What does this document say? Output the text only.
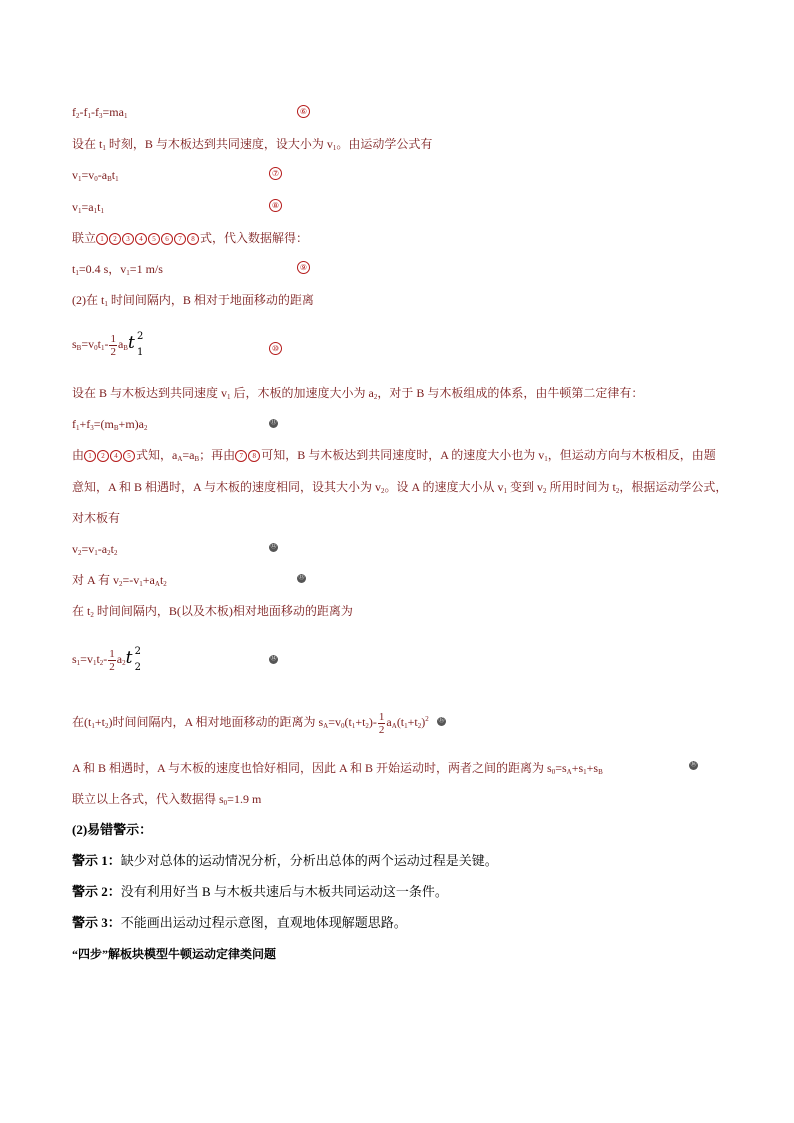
$f_2-f_1-f_3=ma_1$	⑥
设在 $t_1$ 时刻，B 与木板达到共同速度，设大小为 $v_1$。由运动学公式有
$v_1=v_0-a_Bt_1$
⑦
$v_1=a_1t_1$
⑧
联立 1 2 3 4 5 6 7 8 式，代入数据解得：
$t_1=0.4$ s，$v_1=1$ m/s	⑨
(2)在 $t_1$ 时间间隔内，B 相对于地面移动的距离
$s_B=v_0t_1- \frac{1}{2} a_Bt$ 2
1	⑩
设在 B 与木板达到共同速度 $v_1$ 后，木板的加速度大小为 $a_2$，对于 B 与木板组成的体系，由牛顿第二定律有：
$f_1+f_3=(m_B+m)a_2$
⑪
由 1 2 4 5 式知，$a_A=a_B$；再由 7 8 可知，B 与木板达到共同速度时，A 的速度大小也为 $v_1$，但运动方向与木板相反，由题
意知，A 和 B 相遇时，A 与木板的速度相同，设其大小为 $v_2$。设 A 的速度大小从 $v_1$ 变到 $v_2$ 所用时间为 $t_2$，根据运动学公式，
对木板有
$v_2=v_1-a_2t_2$
⑫
对 A 有 $v_2=-v_1+a_At_2$
⑬
在 $t_2$ 时间间隔内，B(以及木板)相对地面移动的距离为
$s_1=v_1t_2- \frac{1}{2} a_2t$ 2
2
⑭
在$(t_1+t_2)$时间间隔内，A 相对地面移动的距离为 $s_A=v_0(t_1+t_2)- \frac{1}{2} a_A(t_1+t_2)^2$ ⑮
A 和 B 相遇时，A 与木板的速度也恰好相同，因此 A 和 B 开始运动时，两者之间的距离为 $s_0=s_A+s_1+s_B$
⑯
联立以上各式，代入数据得 $s_0=1.9$ m
(2)易错警示：
警示 1：缺少对总体的运动情况分析，分析出总体的两个运动过程是关键。
警示 2：没有利用好当 B 与木板共速后与木板共同运动这一条件。
警示 3：不能画出运动过程示意图，直观地体现解题思路。
“四步”解板块模型牛顿运动定律类问题
